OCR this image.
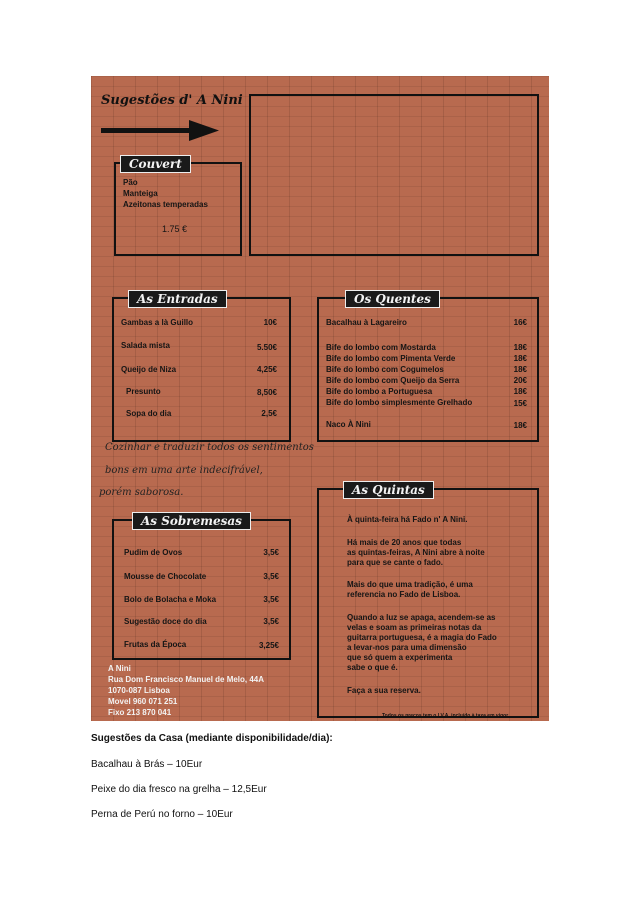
Sugestões d' A Nini
Couvert
Pão
Manteiga
Azeitonas temperadas
1.75 €
As Entradas
Gambas a là Guillo	10€
Salada mista	5.50€
Queijo de Niza	4,25€
Presunto	8,50€
Sopa do dia	2,5€
Os Quentes
Bacalhau à Lagareiro	16€
Bife do lombo com Mostarda	18€
Bife do lombo com Pimenta Verde	18€
Bife do lombo com Cogumelos	18€
Bife do lombo com Queijo da Serra	20€
Bife do lombo a Portuguesa	18€
Bife do lombo simplesmente Grelhado	15€
Naco À Nini	18€
Cozinhar e traduzir todos os sentimentos
bons em uma arte indecifrável,
porém saborosa.
As Sobremesas
Pudim de Ovos	3,5€
Mousse de Chocolate	3,5€
Bolo de Bolacha e Moka	3,5€
Sugestão doce do dia	3,5€
Frutas da Época	3,25€
As Quintas
À quinta-feira há Fado n' A Nini.
Há mais de 20 anos que todas
as quintas-feiras, A Nini abre à noite
para que se cante o fado.
Mais do que uma tradição, é uma
referencia no Fado de Lisboa.
Quando a luz se apaga, acendem-se as
velas e soam as primeiras notas da
guitarra portuguesa, é a magia do Fado
a levar-nos para uma dimensão
que só quem a experimenta
sabe o que é.
Faça a sua reserva.
A Nini
Rua Dom Francisco Manuel de Melo, 44A
1070-087 Lisboa
Movel 960 071 251
Fixo 213 870 041	Todos os preços tem o I.V.A. incluído à taxa em vigor
Sugestões da Casa (mediante disponibilidade/dia):
Bacalhau à Brás – 10Eur
Peixe do dia fresco na grelha – 12,5Eur
Perna de Perú no forno – 10Eur
